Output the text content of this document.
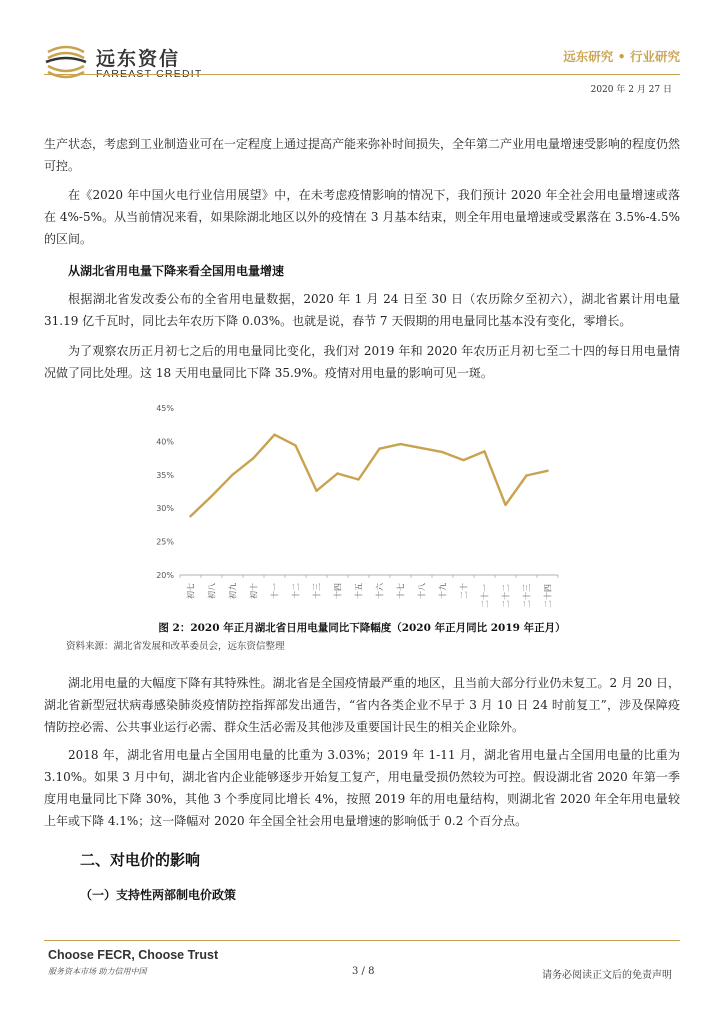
远东资信
FAREAST CREDIT
远东研究 • 行业研究
2020 年 2 月 27 日
生产状态，考虑到工业制造业可在一定程度上通过提高产能来弥补时间损失，全年第二产业用电量增速受影响的程度仍然可控。
在《2020 年中国火电行业信用展望》中，在未考虑疫情影响的情况下，我们预计 2020 年全社会用电量增速或落在 4%-5%。从当前情况来看，如果除湖北地区以外的疫情在 3 月基本结束，则全年用电量增速或受累落在 3.5%-4.5%的区间。
从湖北省用电量下降来看全国用电量增速
根据湖北省发改委公布的全省用电量数据，2020 年 1 月 24 日至 30 日（农历除夕至初六），湖北省累计用电量 31.19 亿千瓦时，同比去年农历下降 0.03%。也就是说，春节 7 天假期的用电量同比基本没有变化，零增长。
为了观察农历正月初七之后的用电量同比变化，我们对 2019 年和 2020 年农历正月初七至二十四的每日用电量情况做了同比处理。这 18 天用电量同比下降 35.9%。疫情对用电量的影响可见一斑。
20%
25%
30%
35%
40%
45%
初七 初八 初九 初十 十一 十二 十三 十四 十五 十六 十七 十八 十九 二十 二十一 二十二 二十三 二十四
图 2：2020 年正月湖北省日用电量同比下降幅度（2020 年正月同比 2019 年正月）
资料来源：湖北省发展和改革委员会，远东资信整理
湖北用电量的大幅度下降有其特殊性。湖北省是全国疫情最严重的地区，且当前大部分行业仍未复工。2 月 20 日，湖北省新型冠状病毒感染肺炎疫情防控指挥部发出通告，“省内各类企业不早于 3 月 10 日 24 时前复工”，涉及保障疫情防控必需、公共事业运行必需、群众生活必需及其他涉及重要国计民生的相关企业除外。
2018 年，湖北省用电量占全国用电量的比重为 3.03%；2019 年 1-11 月，湖北省用电量占全国用电量的比重为 3.10%。如果 3 月中旬，湖北省内企业能够逐步开始复工复产，用电量受损仍然较为可控。假设湖北省 2020 年第一季度用电量同比下降 30%，其他 3 个季度同比增长 4%，按照 2019 年的用电量结构，则湖北省 2020 年全年用电量较上年或下降 4.1%；这一降幅对 2020 年全国全社会用电量增速的影响低于 0.2 个百分点。
二、对电价的影响
（一）支持性两部制电价政策
Choose FECR, Choose Trust
服务资本市场 助力信用中国	3 / 8	请务必阅读正文后的免责声明
